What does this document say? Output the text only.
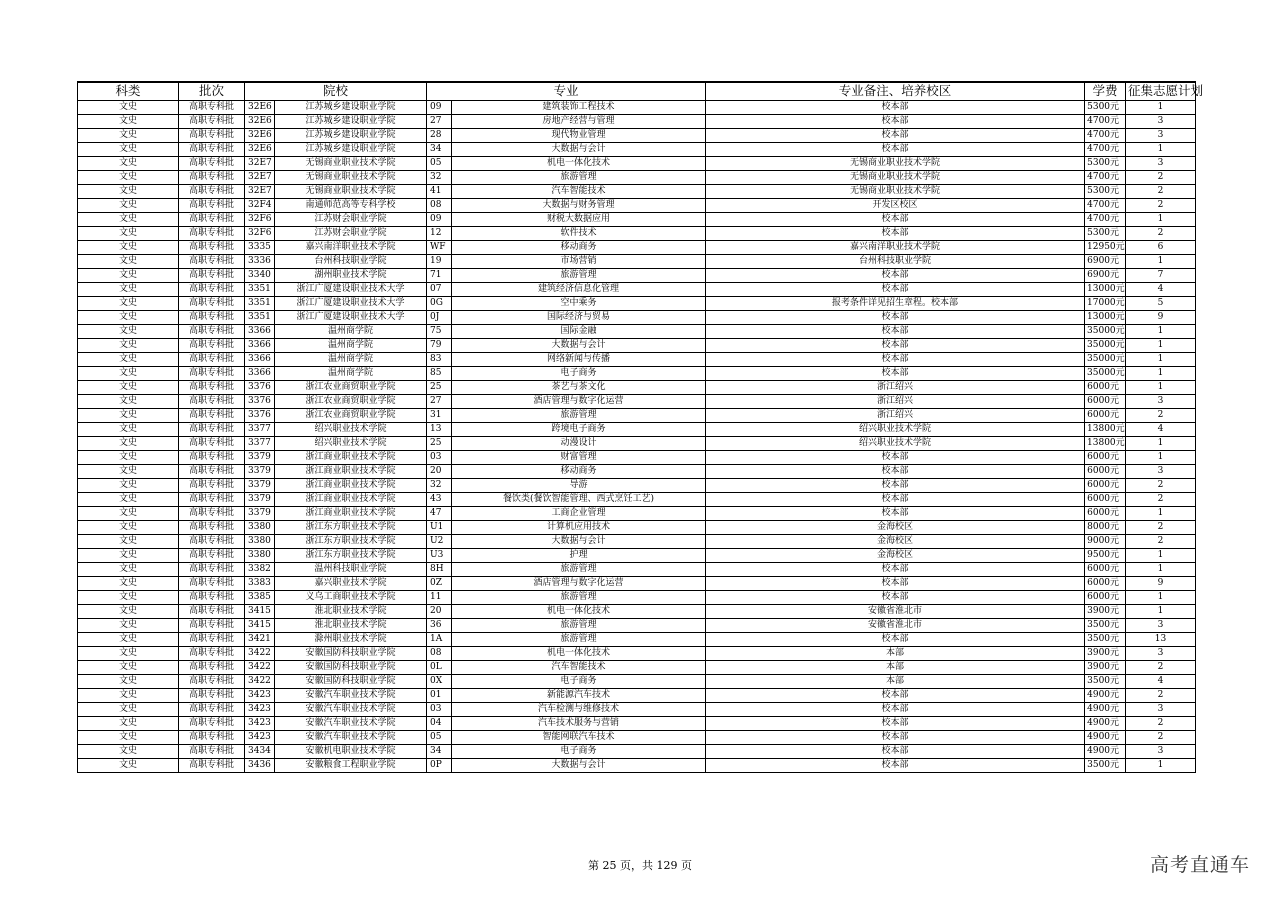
科类	批次	院校		专业		专业备注、培养校区	学费	征集志愿计划
文史	高职专科批	32E6	江苏城乡建设职业学院	09	建筑装饰工程技术	校本部	5300元	1
文史	高职专科批	32E6	江苏城乡建设职业学院	27	房地产经营与管理	校本部	4700元	3
文史	高职专科批	32E6	江苏城乡建设职业学院	28	现代物业管理	校本部	4700元	3
文史	高职专科批	32E6	江苏城乡建设职业学院	34	大数据与会计	校本部	4700元	1
文史	高职专科批	32E7	无锡商业职业技术学院	05	机电一体化技术	无锡商业职业技术学院	5300元	3
文史	高职专科批	32E7	无锡商业职业技术学院	32	旅游管理	无锡商业职业技术学院	4700元	2
文史	高职专科批	32E7	无锡商业职业技术学院	41	汽车智能技术	无锡商业职业技术学院	5300元	2
文史	高职专科批	32F4	南通师范高等专科学校	08	大数据与财务管理	开发区校区	4700元	2
文史	高职专科批	32F6	江苏财会职业学院	09	财税大数据应用	校本部	4700元	1
文史	高职专科批	32F6	江苏财会职业学院	12	软件技术	校本部	5300元	2
文史	高职专科批	3335	嘉兴南洋职业技术学院	WF	移动商务	嘉兴南洋职业技术学院	12950元	6
文史	高职专科批	3336	台州科技职业学院	19	市场营销	台州科技职业学院	6900元	1
文史	高职专科批	3340	湖州职业技术学院	71	旅游管理	校本部	6900元	7
文史	高职专科批	3351	浙江广厦建设职业技术大学	07	建筑经济信息化管理	校本部	13000元	4
文史	高职专科批	3351	浙江广厦建设职业技术大学	0G	空中乘务	报考条件详见招生章程。校本部	17000元	5
文史	高职专科批	3351	浙江广厦建设职业技术大学	0J	国际经济与贸易	校本部	13000元	9
文史	高职专科批	3366	温州商学院	75	国际金融	校本部	35000元	1
文史	高职专科批	3366	温州商学院	79	大数据与会计	校本部	35000元	1
文史	高职专科批	3366	温州商学院	83	网络新闻与传播	校本部	35000元	1
文史	高职专科批	3366	温州商学院	85	电子商务	校本部	35000元	1
文史	高职专科批	3376	浙江农业商贸职业学院	25	茶艺与茶文化	浙江绍兴	6000元	1
文史	高职专科批	3376	浙江农业商贸职业学院	27	酒店管理与数字化运营	浙江绍兴	6000元	3
文史	高职专科批	3376	浙江农业商贸职业学院	31	旅游管理	浙江绍兴	6000元	2
文史	高职专科批	3377	绍兴职业技术学院	13	跨境电子商务	绍兴职业技术学院	13800元	4
文史	高职专科批	3377	绍兴职业技术学院	25	动漫设计	绍兴职业技术学院	13800元	1
文史	高职专科批	3379	浙江商业职业技术学院	03	财富管理	校本部	6000元	1
文史	高职专科批	3379	浙江商业职业技术学院	20	移动商务	校本部	6000元	3
文史	高职专科批	3379	浙江商业职业技术学院	32	导游	校本部	6000元	2
文史	高职专科批	3379	浙江商业职业技术学院	43	餐饮类(餐饮智能管理、西式烹饪工艺)	校本部	6000元	2
文史	高职专科批	3379	浙江商业职业技术学院	47	工商企业管理	校本部	6000元	1
文史	高职专科批	3380	浙江东方职业技术学院	U1	计算机应用技术	金海校区	8000元	2
文史	高职专科批	3380	浙江东方职业技术学院	U2	大数据与会计	金海校区	9000元	2
文史	高职专科批	3380	浙江东方职业技术学院	U3	护理	金海校区	9500元	1
文史	高职专科批	3382	温州科技职业学院	8H	旅游管理	校本部	6000元	1
文史	高职专科批	3383	嘉兴职业技术学院	0Z	酒店管理与数字化运营	校本部	6000元	9
文史	高职专科批	3385	义乌工商职业技术学院	11	旅游管理	校本部	6000元	1
文史	高职专科批	3415	淮北职业技术学院	20	机电一体化技术	安徽省淮北市	3900元	1
文史	高职专科批	3415	淮北职业技术学院	36	旅游管理	安徽省淮北市	3500元	3
文史	高职专科批	3421	滁州职业技术学院	1A	旅游管理	校本部	3500元	13
文史	高职专科批	3422	安徽国防科技职业学院	08	机电一体化技术	本部	3900元	3
文史	高职专科批	3422	安徽国防科技职业学院	0L	汽车智能技术	本部	3900元	2
文史	高职专科批	3422	安徽国防科技职业学院	0X	电子商务	本部	3500元	4
文史	高职专科批	3423	安徽汽车职业技术学院	01	新能源汽车技术	校本部	4900元	2
文史	高职专科批	3423	安徽汽车职业技术学院	03	汽车检测与维修技术	校本部	4900元	3
文史	高职专科批	3423	安徽汽车职业技术学院	04	汽车技术服务与营销	校本部	4900元	2
文史	高职专科批	3423	安徽汽车职业技术学院	05	智能网联汽车技术	校本部	4900元	2
文史	高职专科批	3434	安徽机电职业技术学院	34	电子商务	校本部	4900元	3
文史	高职专科批	3436	安徽粮食工程职业学院	0P	大数据与会计	校本部	3500元	1
第 25 页，共 129 页	高考直通车
